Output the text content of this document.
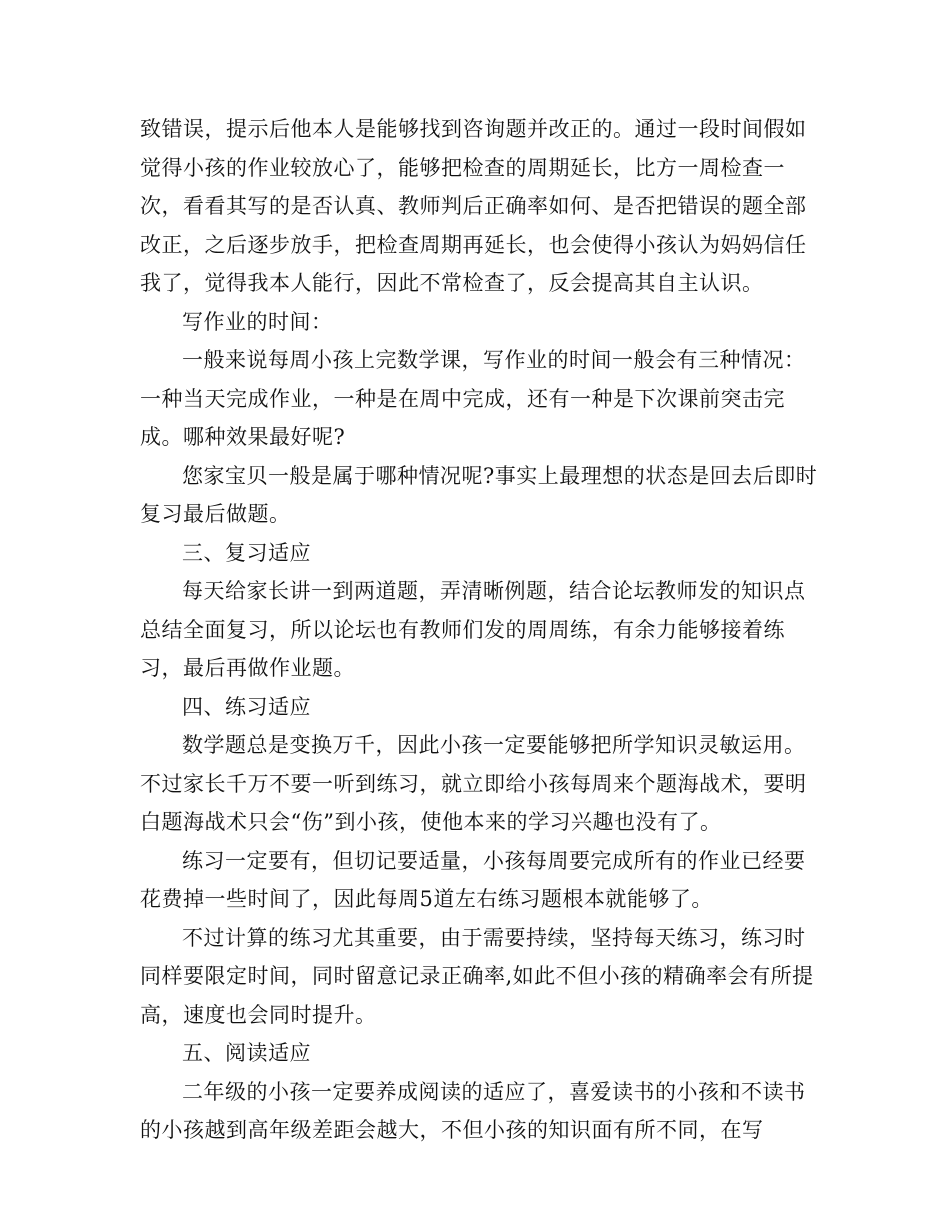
致错误，提示后他本人是能够找到咨询题并改正的。通过一段时间假如觉得小孩的作业较放心了，能够把检查的周期延长，比方一周检查一次，看看其写的是否认真、教师判后正确率如何、是否把错误的题全部改正，之后逐步放手，把检查周期再延长，也会使得小孩认为妈妈信任我了，觉得我本人能行，因此不常检查了，反会提高其自主认识。

写作业的时间：

一般来说每周小孩上完数学课，写作业的时间一般会有三种情况：一种当天完成作业，一种是在周中完成，还有一种是下次课前突击完成。哪种效果最好呢?

您家宝贝一般是属于哪种情况呢?事实上最理想的状态是回去后即时复习最后做题。

三、复习适应

每天给家长讲一到两道题，弄清晰例题，结合论坛教师发的知识点总结全面复习，所以论坛也有教师们发的周周练，有余力能够接着练习，最后再做作业题。

四、练习适应

数学题总是变换万千，因此小孩一定要能够把所学知识灵敏运用。不过家长千万不要一听到练习，就立即给小孩每周来个题海战术，要明白题海战术只会“伤”到小孩，使他本来的学习兴趣也没有了。

练习一定要有，但切记要适量，小孩每周要完成所有的作业已经要花费掉一些时间了，因此每周5道左右练习题根本就能够了。

不过计算的练习尤其重要，由于需要持续，坚持每天练习，练习时同样要限定时间，同时留意记录正确率,如此不但小孩的精确率会有所提高，速度也会同时提升。

五、阅读适应

二年级的小孩一定要养成阅读的适应了，喜爱读书的小孩和不读书的小孩越到高年级差距会越大，不但小孩的知识面有所不同，在写
